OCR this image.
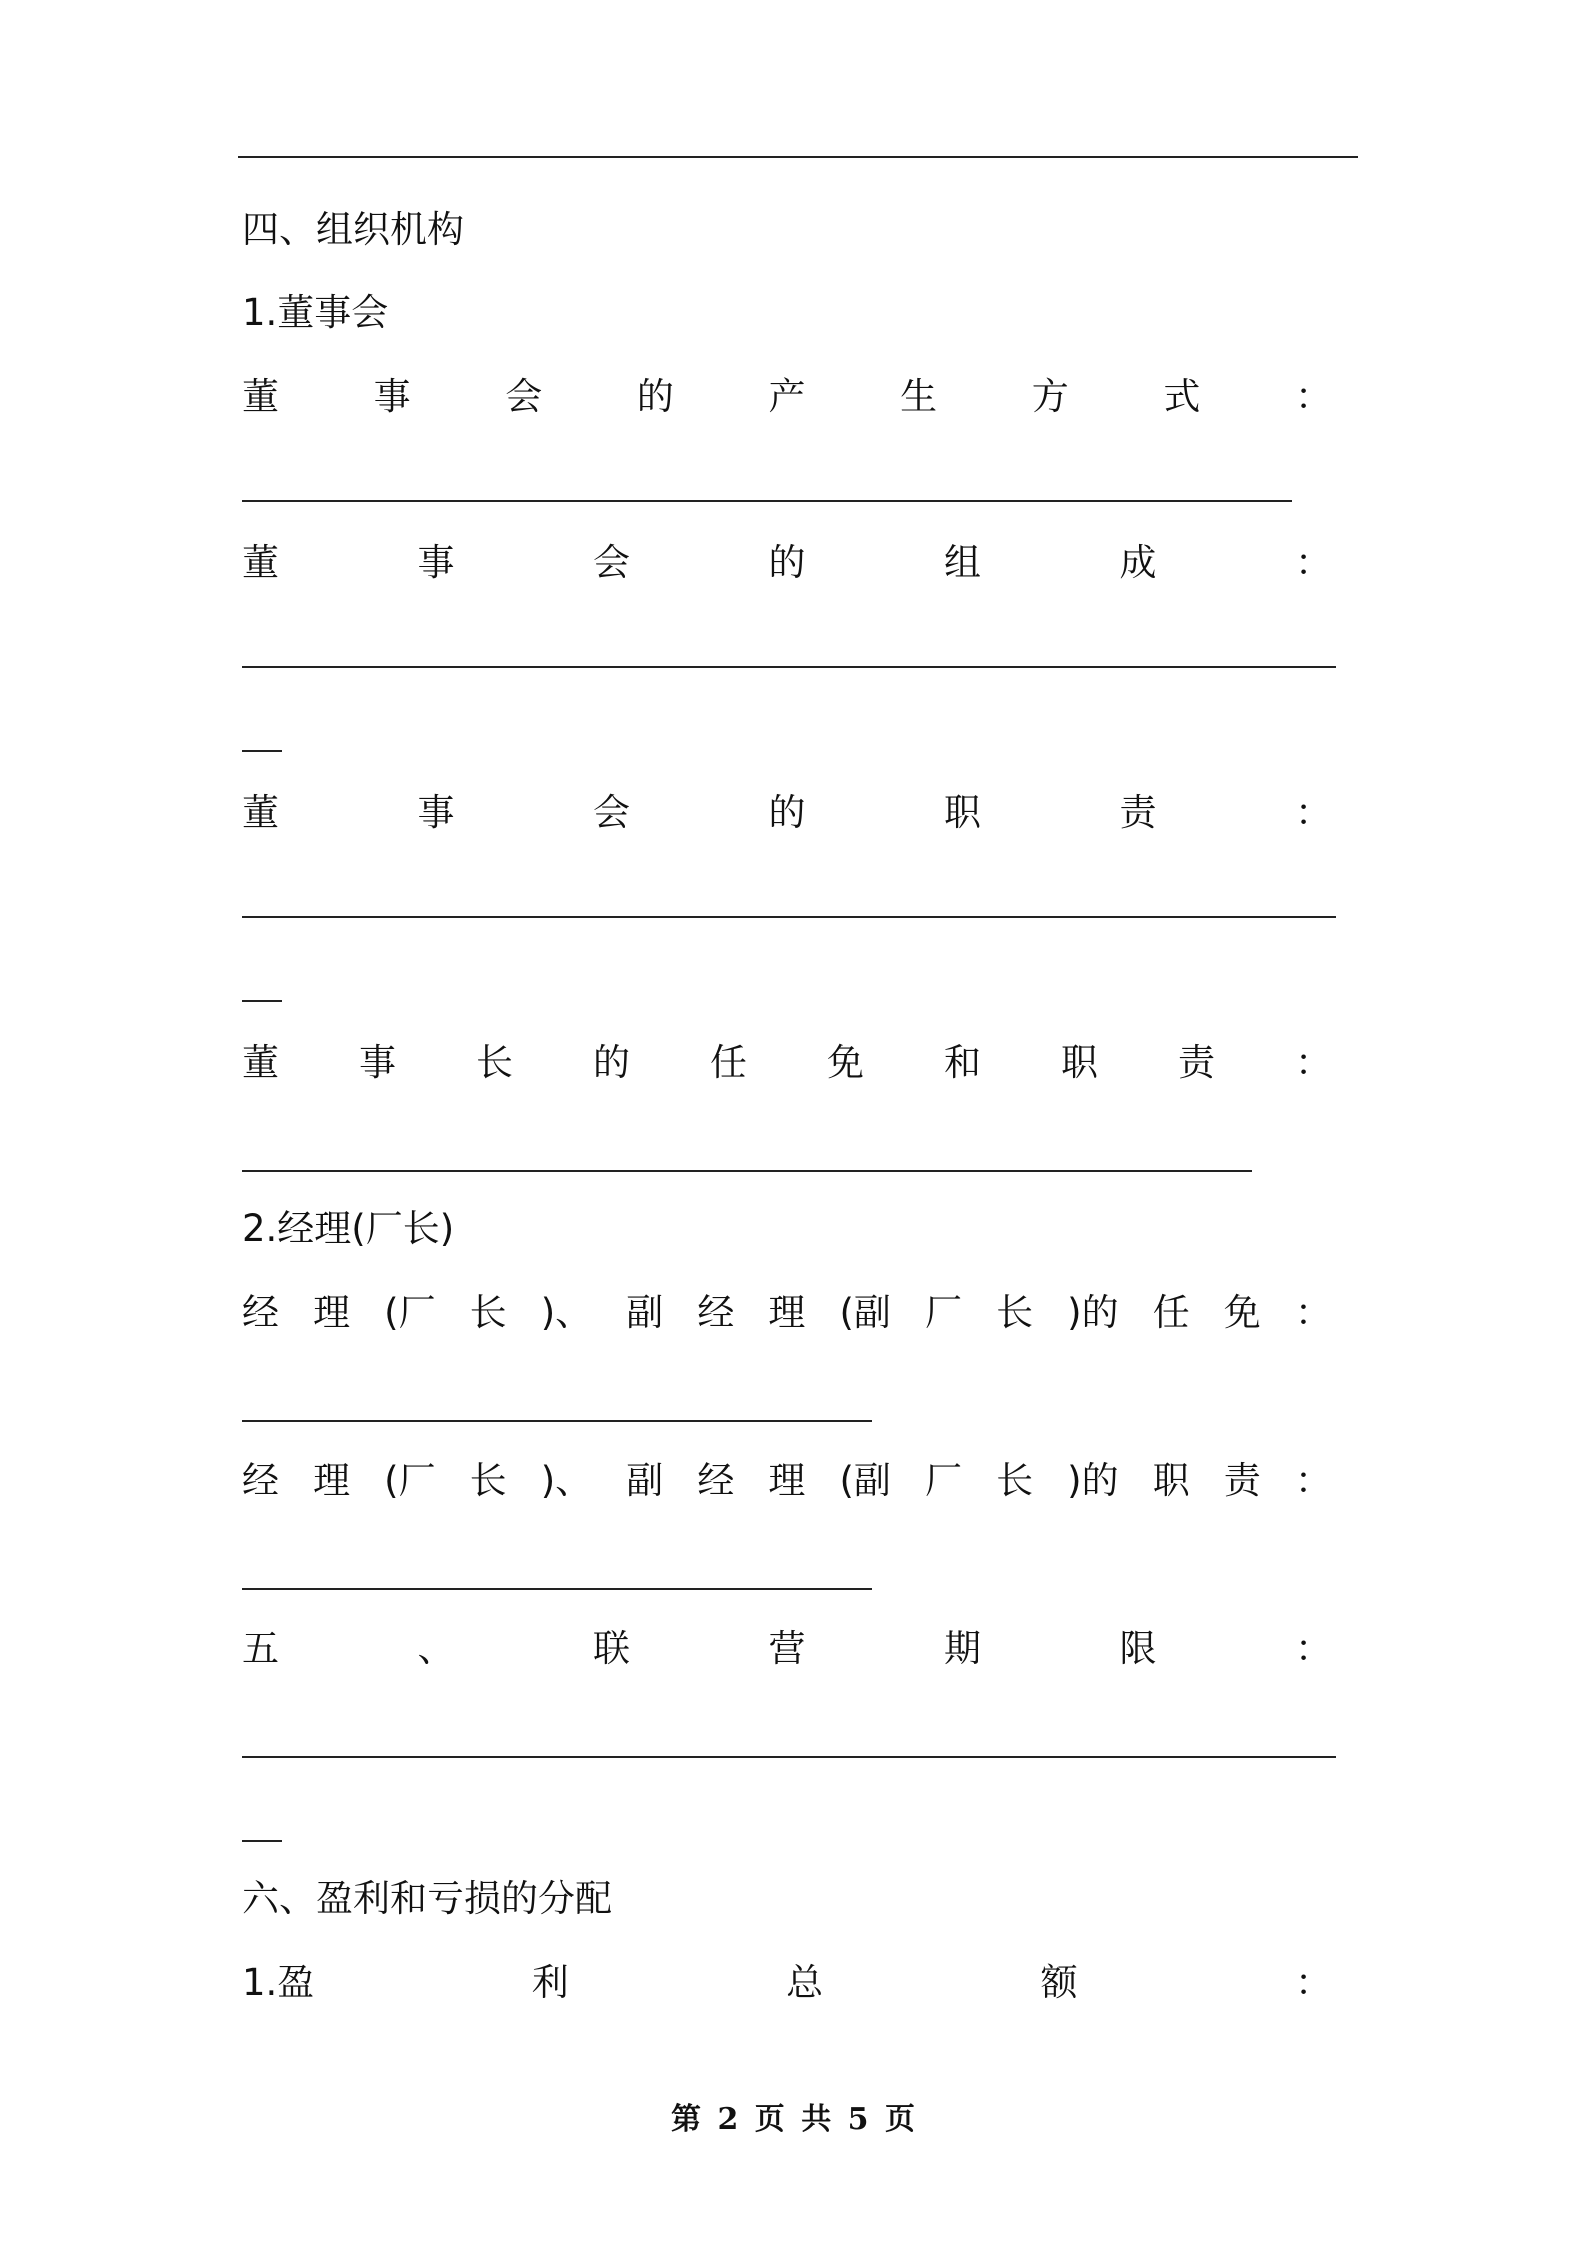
四、组织机构
1.董事会
董	事	会	的	产	生	方	式	：
董	事	会	的	组	成	：
董	事	会	的	职	责	：
董 事 长 的 任 免 和 职 责 ：
2.经理(厂长)
经 理 (厂 长 )、 副 经 理 (副 厂 长 )的 任 免 ：
经 理 (厂 长 )、 副 经 理 (副 厂 长 )的 职 责 ：
五	、	联	营	期	限	：
六、盈利和亏损的分配
1.盈	利	总	额	：
第 2 页 共 5 页
